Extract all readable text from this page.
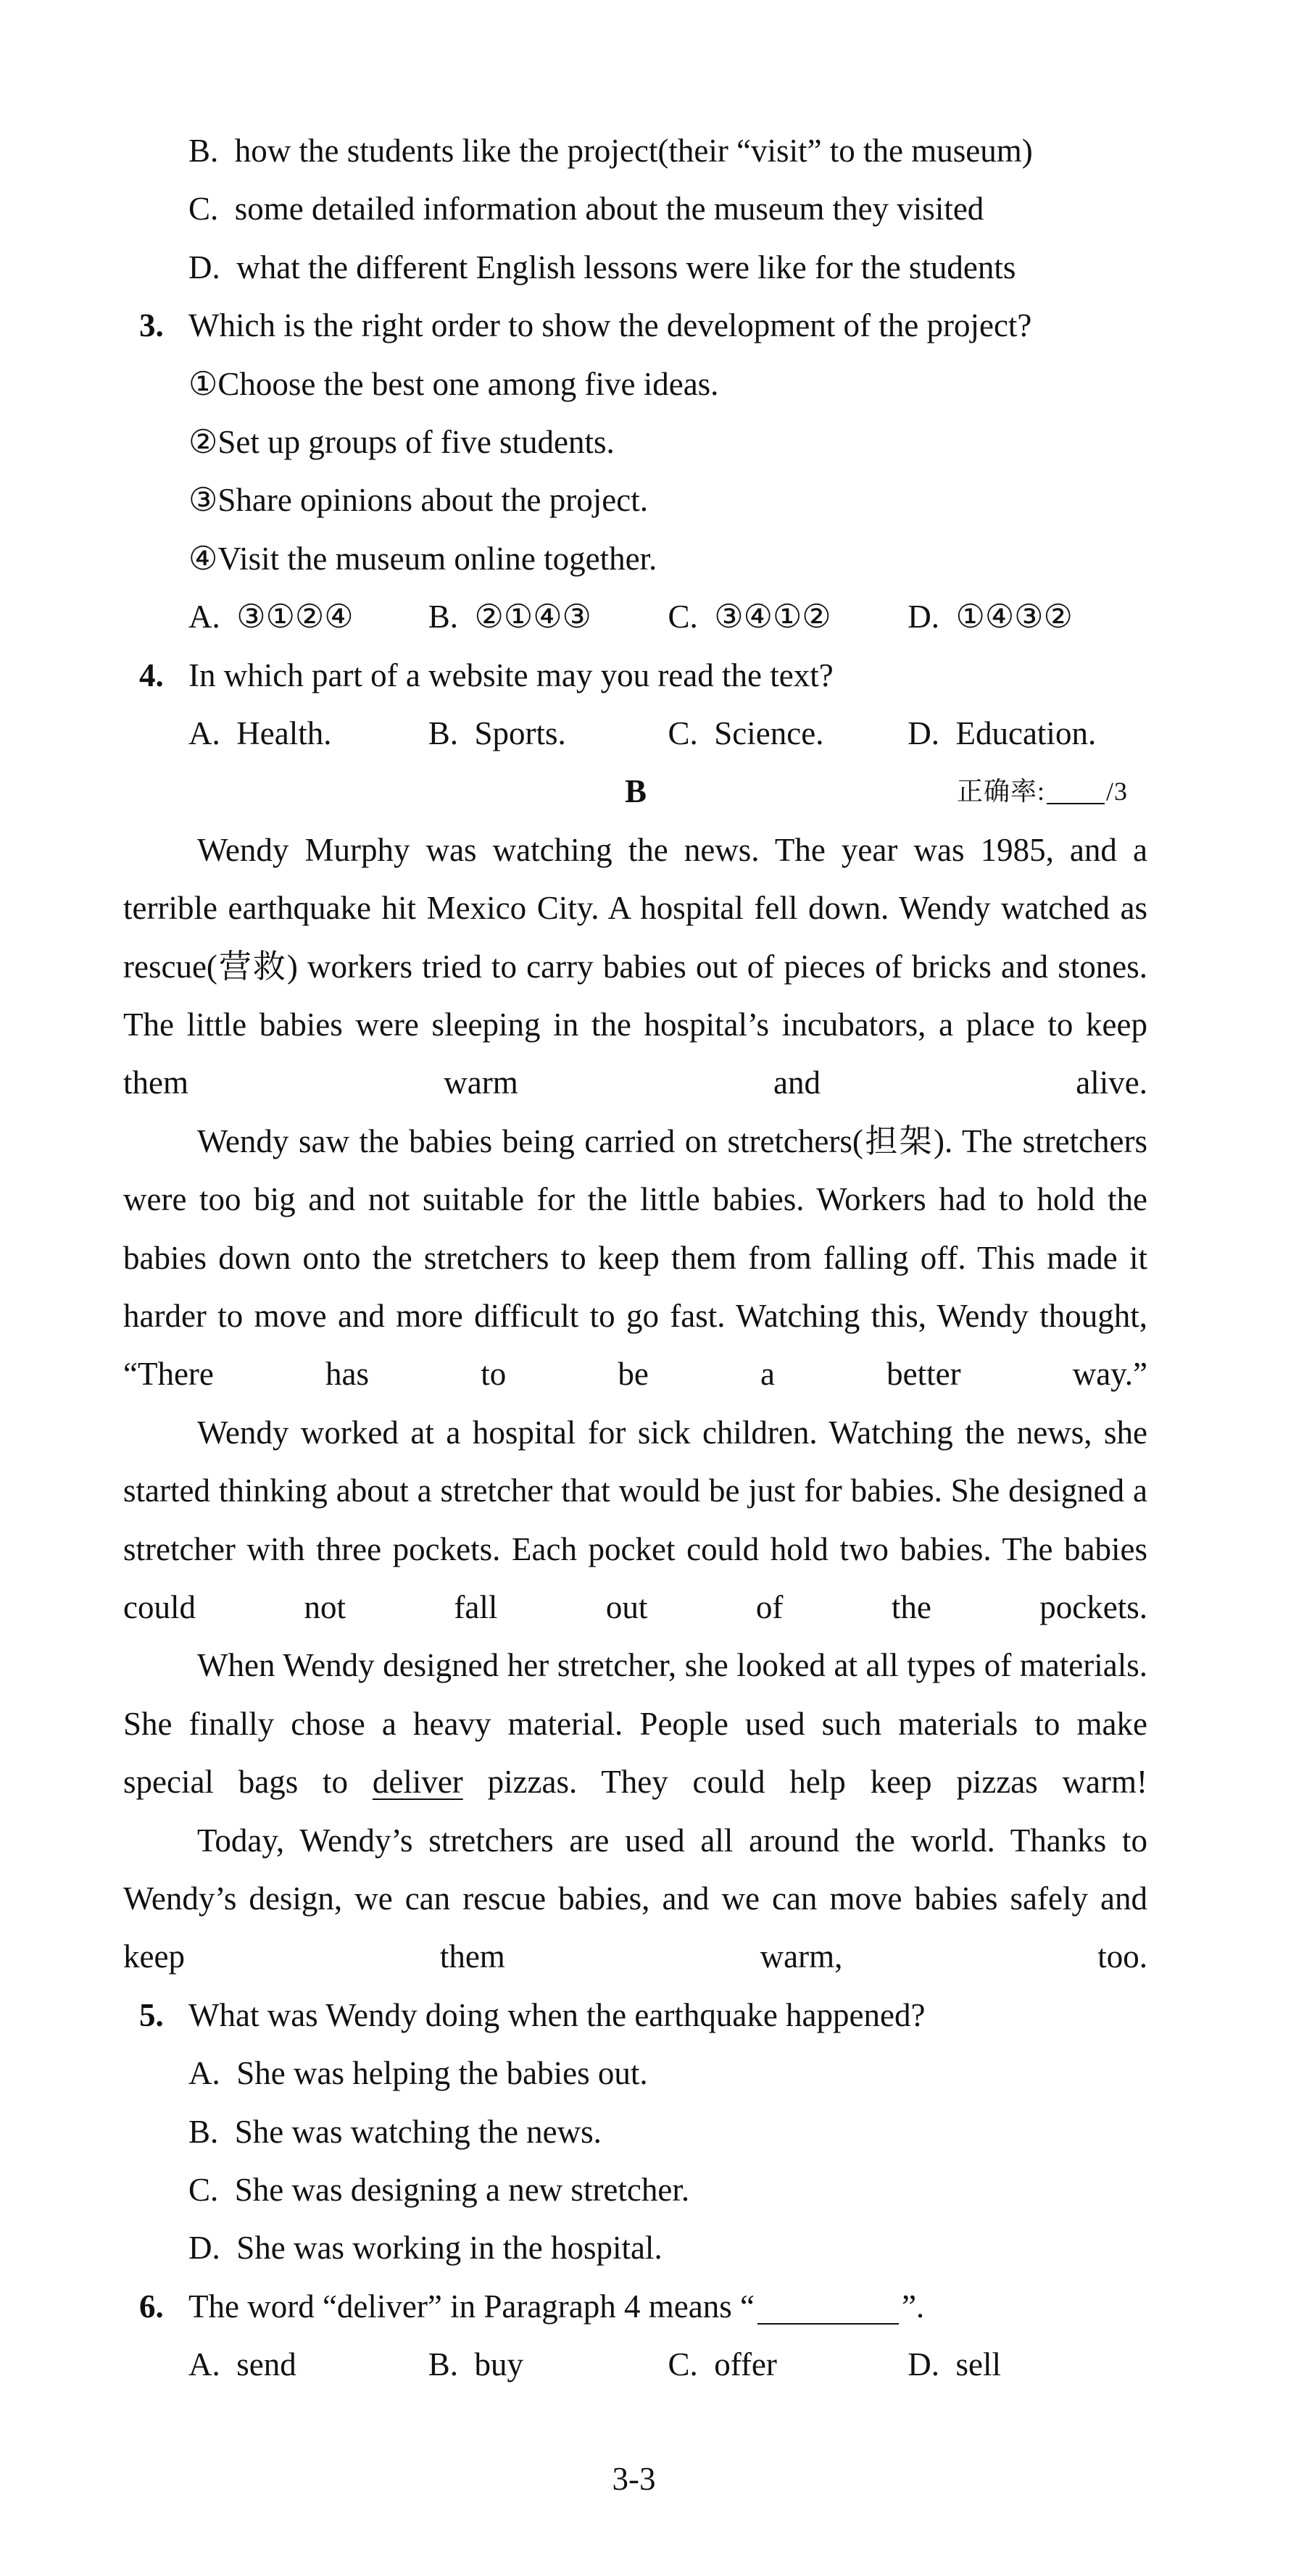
B. how the students like the project(their “visit” to the museum)
C. some detailed information about the museum they visited
D. what the different English lessons were like for the students
3. Which is the right order to show the development of the project?
①Choose the best one among five ideas.
②Set up groups of five students.
③Share opinions about the project.
④Visit the museum online together.
A. ③①②④	B. ②①④③	C. ③④①②	D. ①④③②
4. In which part of a website may you read the text?
A. Health.	B. Sports.	C. Science.	D. Education.
B	正确率: /3
Wendy Murphy was watching the news. The year was 1985, and a terrible earthquake hit Mexico City. A hospital fell down. Wendy watched as rescue(营救) workers tried to carry babies out of pieces of bricks and stones. The little babies were sleeping in the hospital’s incubators, a place to keep them warm and alive.
Wendy saw the babies being carried on stretchers(担架). The stretchers were too big and not suitable for the little babies. Workers had to hold the babies down onto the stretchers to keep them from falling off. This made it harder to move and more difficult to go fast. Watching this, Wendy thought, “There has to be a better way.”
Wendy worked at a hospital for sick children. Watching the news, she started thinking about a stretcher that would be just for babies. She designed a stretcher with three pockets. Each pocket could hold two babies. The babies could not fall out of the pockets.
When Wendy designed her stretcher, she looked at all types of materials. She finally chose a heavy material. People used such materials to make special bags to deliver pizzas. They could help keep pizzas warm!
Today, Wendy’s stretchers are used all around the world. Thanks to Wendy’s design, we can rescue babies, and we can move babies safely and keep them warm, too.
5. What was Wendy doing when the earthquake happened?
A. She was helping the babies out.
B. She was watching the news.
C. She was designing a new stretcher.
D. She was working in the hospital.
6. The word “deliver” in Paragraph 4 means “	”.
A. send	B. buy	C. offer	D. sell
3-3
